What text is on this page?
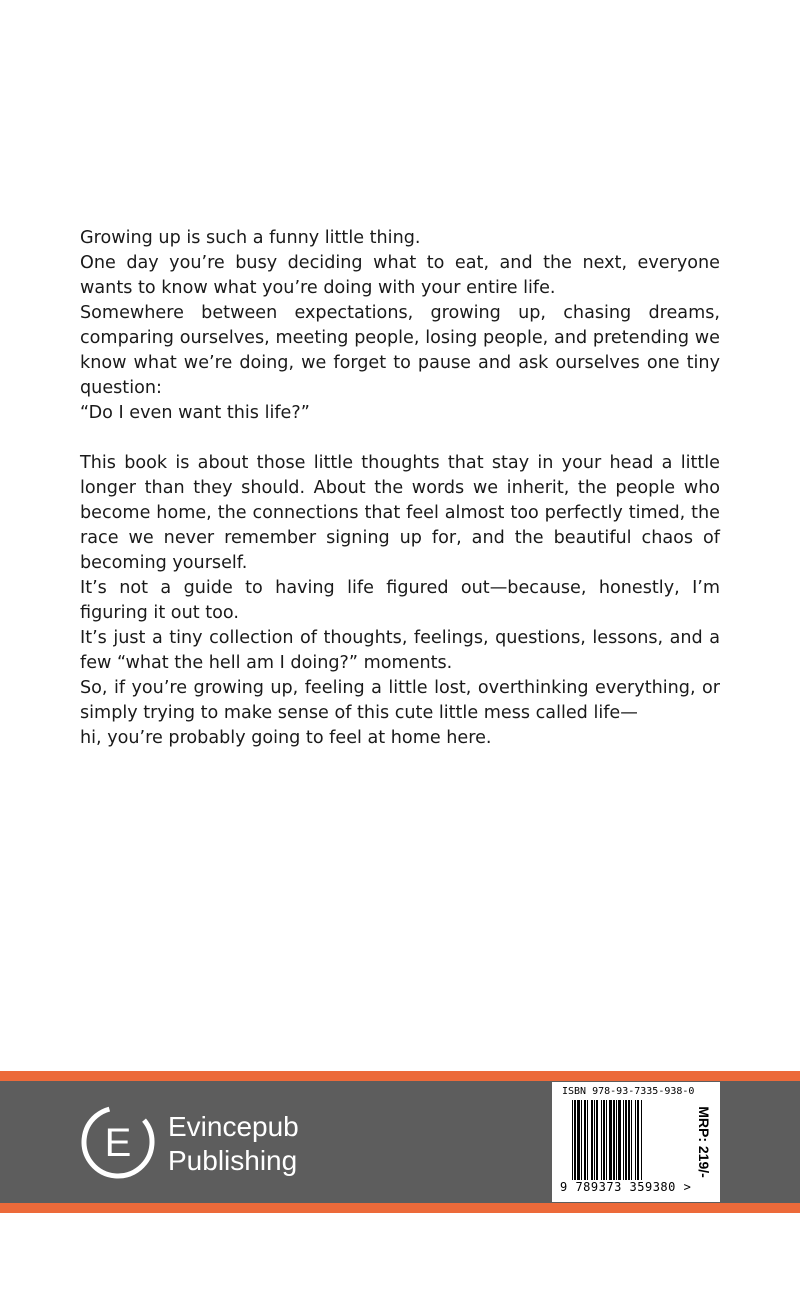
Growing up is such a funny little thing.

One day you’re busy deciding what to eat, and the next, everyone wants to know what you’re doing with your entire life.

Somewhere between expectations, growing up, chasing dreams, comparing ourselves, meeting people, losing people, and pretending we know what we’re doing, we forget to pause and ask ourselves one tiny question:

“Do I even want this life?”

This book is about those little thoughts that stay in your head a little longer than they should. About the words we inherit, the people who become home, the connections that feel almost too perfectly timed, the race we never remember signing up for, and the beautiful chaos of becoming yourself.

It’s not a guide to having life figured out—because, honestly, I’m figuring it out too.

It’s just a tiny collection of thoughts, feelings, questions, lessons, and a few “what the hell am I doing?” moments.

So, if you’re growing up, feeling a little lost, overthinking everything, or simply trying to make sense of this cute little mess called life—

hi, you’re probably going to feel at home here.

E Evincepub
Publishing
ISBN 978-93-7335-938-0
9 789373 359380 >
MRP: 219/-
